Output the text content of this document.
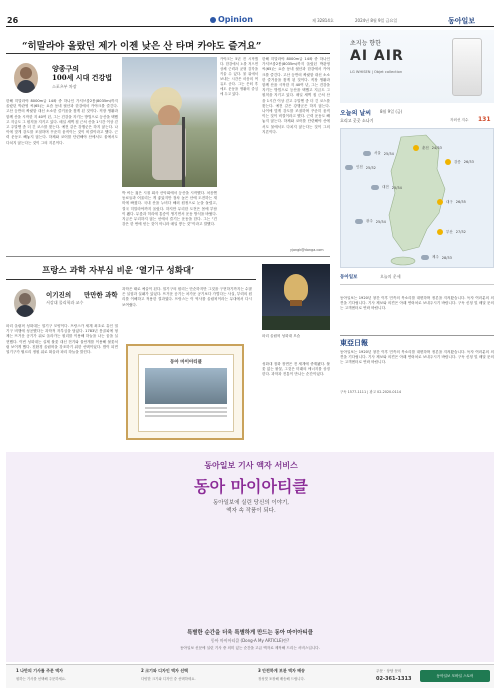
26	Opinion	제 32814호	2024년 8월 9일 금요일	동아일보
“히말라야 올랐던 제가 이젠 낮은 산 타며 카야도 즐겨요”
양종구의
100세 시대 건강법
스포츠부 차장
카야크는 5년 전 시작했다. 한강에서 노를 저으면 상체 근력과 균형 감각을 키울 수 있다. 물 위에서 보내는 시간은 마음의 여유도 준다. 그는 은퇴 후에도 운동을 생활의 중심에 두고 있다.
한해 히말라야 8000m급 14좌 중 하나인 가셔브룸2봉(8035m)까지 올랐던 박관영 씨(65)는 요즘 동네 뒷산과 한강에서 카야크를 즐긴다. 고산 등반의 짜릿함 대신 소소한 즐거움을 찾게 된 것이다. 직장 생활과 함께 산을 시작한 지 40여 년, 그는 건강을 지키는 방법으로 등산을 택했고 지금도 그 원칙을 지키고 있다. 매일 새벽 집 근처 산을 1시간 이상 걷고 주말엔 좀 더 긴 코스를 찾는다. 예전 같은 강행군은 하지 않는다. 나이에 맞게 강도를 조절하며 꾸준히 움직이는 것이 비결이라고 했다. 근력 운동도 빼놓지 않는다. 하체와 코어를 단련해야 산에서도 물에서도 다치지 않는다는 것이 그의 지론이다.
박 씨는 젊은 시절 회사 산악회에서 등산을 시작했다. 처음엔 동료들과 어울리는 게 좋았지만 점차 높은 산에 도전하는 재미에 빠졌다. 국내 산을 누비다 해외 원정으로 눈을 돌렸고, 결국 히말라야까지 올랐다. 하지만 무리한 도전은 몸에 부담이 됐다. 무릎과 허리에 통증이 생기면서 운동 방식을 바꿨다. 지금은 무리하지 않는 선에서 즐기는 운동을 한다. 그는 “건강은 한 번에 얻는 것이 아니라 매일 쌓는 것”이라고 말했다.
한해 히말라야 8000m급 14좌 중 하나인 가셔브룸2봉(8035m)까지 올랐던 박관영 씨(65)는 요즘 동네 뒷산과 한강에서 카야크를 즐긴다. 고산 등반의 짜릿함 대신 소소한 즐거움을 찾게 된 것이다. 직장 생활과 함께 산을 시작한 지 40여 년, 그는 건강을 지키는 방법으로 등산을 택했고 지금도 그 원칙을 지키고 있다. 매일 새벽 집 근처 산을 1시간 이상 걷고 주말엔 좀 더 긴 코스를 찾는다. 예전 같은 강행군은 하지 않는다. 나이에 맞게 강도를 조절하며 꾸준히 움직이는 것이 비결이라고 했다. 근력 운동도 빼놓지 않는다. 하체와 코어를 단련해야 산에서도 물에서도 다치지 않는다는 것이 그의 지론이다.
yjongk@donga.com
프랑스 과학 자부심 비운 ‘열기구 성화대’
이기진의 만만한 과학
서강대 물리학과 교수
파리 올림픽 성화대는 열기구 모양이다. 프랑스가 세계 최초로 유인 열기구 비행에 성공했다는 과학적 자부심을 담았다. 1783년 몽골피에 형제는 뜨거운 공기가 위로 올라가는 원리를 이용해 하늘을 나는 꿈을 실현했다. 이번 성화대는 실제 불꽃 대신 전기와 물안개를 이용해 불꽃처럼 보이게 했다. 친환경 올림픽을 강조하기 위한 선택이었다. 밤이 되면 열기구가 튈르리 정원 위로 떠올라 파리 하늘을 밝힌다.
과학은 때로 예술이 된다. 열기구의 원리는 단순하지만 그것을 구현하기까지는 수많은 실험과 실패가 있었다. 뜨거운 공기는 차가운 공기보다 가볍다는 사실, 부력의 원리를 이해하고 적용한 결과였다. 프랑스는 이 역사를 올림픽이라는 무대에서 다시 보여줬다.
파리 올림픽 성화대 모습
동아 마이아티클	성화대 점화 장면은 전 세계에 중계됐다. 불꽃 없는 불꽃, 그것은 미래의 에너지를 상징한다. 과학과 전통이 만나는 순간이었다.
초지능 향한
AI AIR
LG WHISEN | Objet collection
오늘의 날씨	8월 9일 (금)
흐리고 곳곳 소나기	자외선 지수 131
서울 25/34
인천 25/32
춘천 24/33
강릉 26/33
대전 25/34
대구 26/35
광주 25/34
부산 27/32
제주 28/33
동아일보	오늘의 운세
동아일보는 1920년 창간 이후 민족의 목소리를 대변하며 정론을 지켜왔습니다. 독자 여러분의 의견을 기다립니다. 기사 제보와 의견은 아래 연락처로 보내주시기 바랍니다. 구독 신청 및 배달 문의는 고객센터로 연락 바랍니다.
東亞日報
동아일보는 1920년 창간 이후 민족의 목소리를 대변하며 정론을 지켜왔습니다. 독자 여러분의 의견을 기다립니다. 기사 제보와 의견은 아래 연락처로 보내주시기 바랍니다. 구독 신청 및 배달 문의는 고객센터로 연락 바랍니다.
구독 1577-1111 | 광고 02-2020-0114
동아일보 기사 액자 서비스
동아 마이아티클
동아일보에 실린 당신의 이야기,
액자 속 작품이 되다.
특별한 순간을 더욱 특별하게 만드는 동아 마이아티클
동아 마이아티클 (Dong-A My ARTICLE)란?
동아일보 신문에 실린 기사 중 의미 있는 순간을 고급 액자로 제작해 드리는 서비스입니다.
1 나만의 기사를 주문 액자
원하는 기사를 선택해 주문하세요.
2 크기와 디자인 액자 선택
다양한 크기와 디자인 중 선택하세요.
3 안전하게 보관 액자 배송
정성껏 포장해 배송해 드립니다.
주문 · 상담 문의
02-361-1313
동아일보 모바일 스토어
